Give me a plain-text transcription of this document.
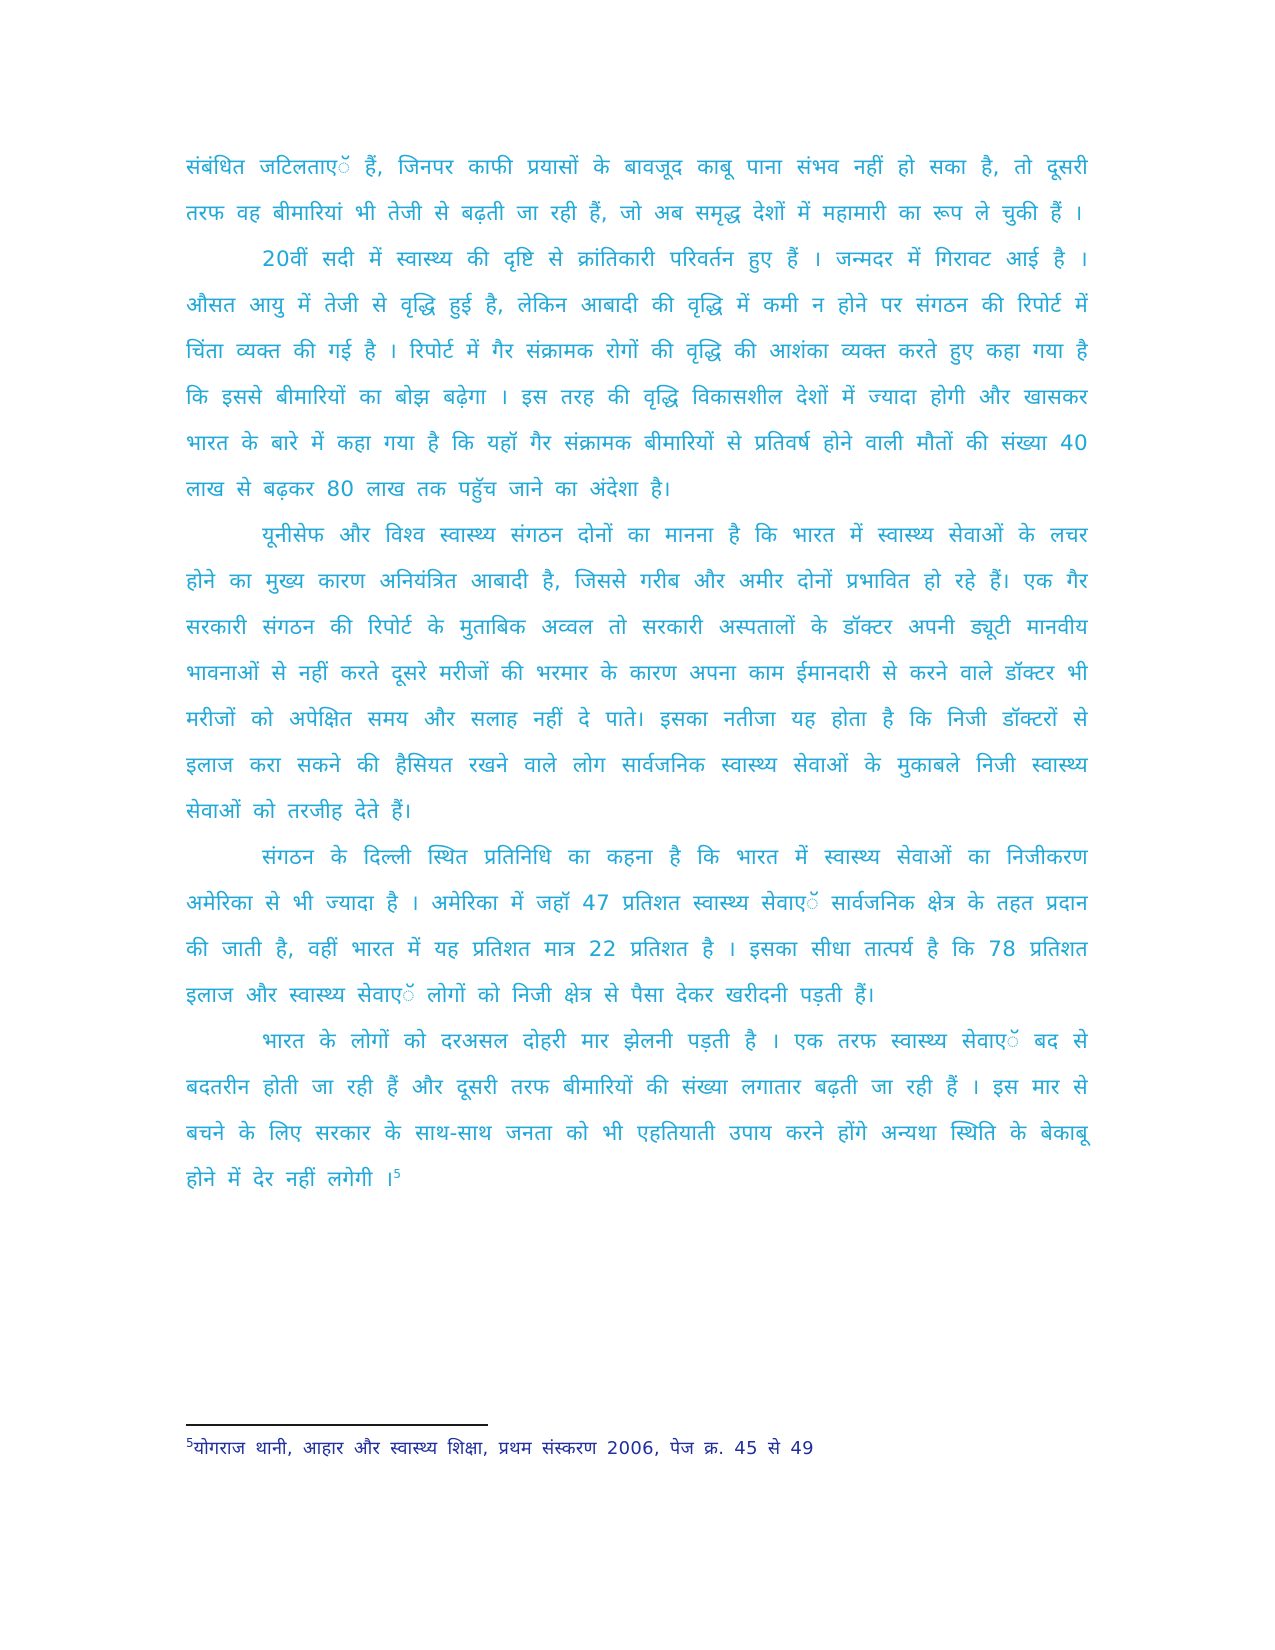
संबंधित जटिलताएॅ हैं, जिनपर काफी प्रयासों के बावजूद काबू पाना संभव नहीं हो सका है, तो दूसरी तरफ वह बीमारियां भी तेजी से बढ़ती जा रही हैं, जो अब समृद्ध देशों में महामारी का रूप ले चुकी हैं ।

20वीं सदी में स्वास्थ्य की दृष्टि से क्रांतिकारी परिवर्तन हुए हैं । जन्मदर में गिरावट आई है । औसत आयु में तेजी से वृद्धि हुई है, लेकिन आबादी की वृद्धि में कमी न होने पर संगठन की रिपोर्ट में चिंता व्यक्त की गई है । रिपोर्ट में गैर संक्रामक रोगों की वृद्धि की आशंका व्यक्त करते हुए कहा गया है कि इससे बीमारियों का बोझ बढ़ेगा । इस तरह की वृद्धि विकासशील देशों में ज्यादा होगी और खासकर भारत के बारे में कहा गया है कि यहॉ गैर संक्रामक बीमारियों से प्रतिवर्ष होने वाली मौतों की संख्या 40 लाख से बढ़कर 80 लाख तक पहुॅच जाने का अंदेशा है।

यूनीसेफ और विश्व स्वास्थ्य संगठन दोनों का मानना है कि भारत में स्वास्थ्य सेवाओं के लचर होने का मुख्य कारण अनियंत्रित आबादी है, जिससे गरीब और अमीर दोनों प्रभावित हो रहे हैं। एक गैर सरकारी संगठन की रिपोर्ट के मुताबिक अव्वल तो सरकारी अस्पतालों के डॉक्टर अपनी ड्यूटी मानवीय भावनाओं से नहीं करते दूसरे मरीजों की भरमार के कारण अपना काम ईमानदारी से करने वाले डॉक्टर भी मरीजों को अपेक्षित समय और सलाह नहीं दे पाते। इसका नतीजा यह होता है कि निजी डॉक्टरों से इलाज करा सकने की हैसियत रखने वाले लोग सार्वजनिक स्वास्थ्य सेवाओं के मुकाबले निजी स्वास्थ्य सेवाओं को तरजीह देते हैं।

संगठन के दिल्ली स्थित प्रतिनिधि का कहना है कि भारत में स्वास्थ्य सेवाओं का निजीकरण अमेरिका से भी ज्यादा है । अमेरिका में जहॉ 47 प्रतिशत स्वास्थ्य सेवाएॅ सार्वजनिक क्षेत्र के तहत प्रदान की जाती है, वहीं भारत में यह प्रतिशत मात्र 22 प्रतिशत है । इसका सीधा तात्पर्य है कि 78 प्रतिशत इलाज और स्वास्थ्य सेवाएॅ लोगों को निजी क्षेत्र से पैसा देकर खरीदनी पड़ती हैं।

भारत के लोगों को दरअसल दोहरी मार झेलनी पड़ती है । एक तरफ स्वास्थ्य सेवाएॅ बद से बदतरीन होती जा रही हैं और दूसरी तरफ बीमारियों की संख्या लगातार बढ़ती जा रही हैं । इस मार से बचने के लिए सरकार के साथ-साथ जनता को भी एहतियाती उपाय करने होंगे अन्यथा स्थिति के बेकाबू होने में देर नहीं लगेगी ।$^5$

$^5$योगराज थानी, आहार और स्वास्थ्य शिक्षा, प्रथम संस्करण 2006, पेज क्र. 45 से 49
